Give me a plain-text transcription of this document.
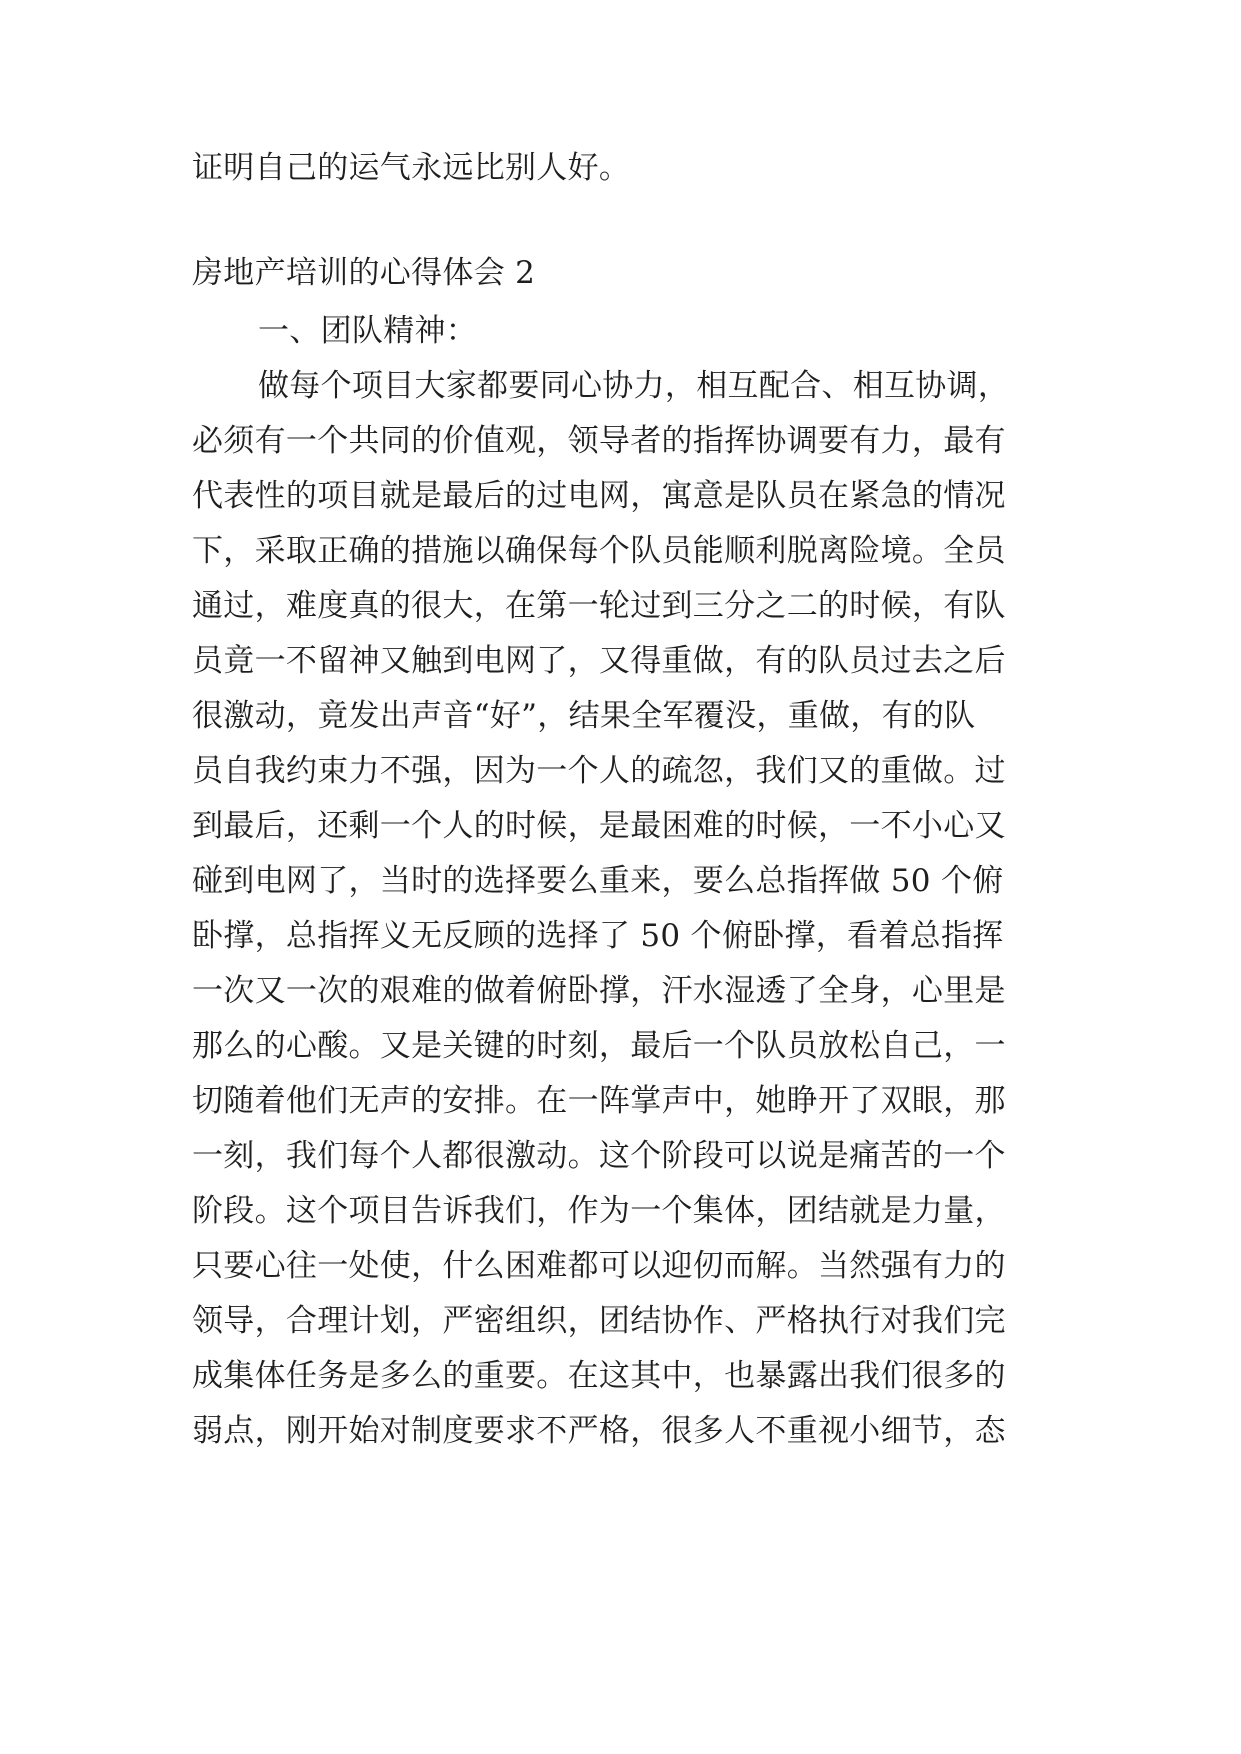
证明自己的运气永远比别人好。
房地产培训的心得体会 2
一、团队精神：
做每个项目大家都要同心协力，相互配合、相互协调，
必须有一个共同的价值观，领导者的指挥协调要有力，最有
代表性的项目就是最后的过电网，寓意是队员在紧急的情况
下，采取正确的措施以确保每个队员能顺利脱离险境。全员
通过，难度真的很大，在第一轮过到三分之二的时候，有队
员竟一不留神又触到电网了，又得重做，有的队员过去之后
很激动，竟发出声音“好”，结果全军覆没，重做，有的队
员自我约束力不强，因为一个人的疏忽，我们又的重做。过
到最后，还剩一个人的时候，是最困难的时候，一不小心又
碰到电网了，当时的选择要么重来，要么总指挥做 50 个俯
卧撑，总指挥义无反顾的选择了 50 个俯卧撑，看着总指挥
一次又一次的艰难的做着俯卧撑，汗水湿透了全身，心里是
那么的心酸。又是关键的时刻，最后一个队员放松自己，一
切随着他们无声的安排。在一阵掌声中，她睁开了双眼，那
一刻，我们每个人都很激动。这个阶段可以说是痛苦的一个
阶段。这个项目告诉我们，作为一个集体，团结就是力量，
只要心往一处使，什么困难都可以迎仞而解。当然强有力的
领导，合理计划，严密组织，团结协作、严格执行对我们完
成集体任务是多么的重要。在这其中，也暴露出我们很多的
弱点，刚开始对制度要求不严格，很多人不重视小细节，态
